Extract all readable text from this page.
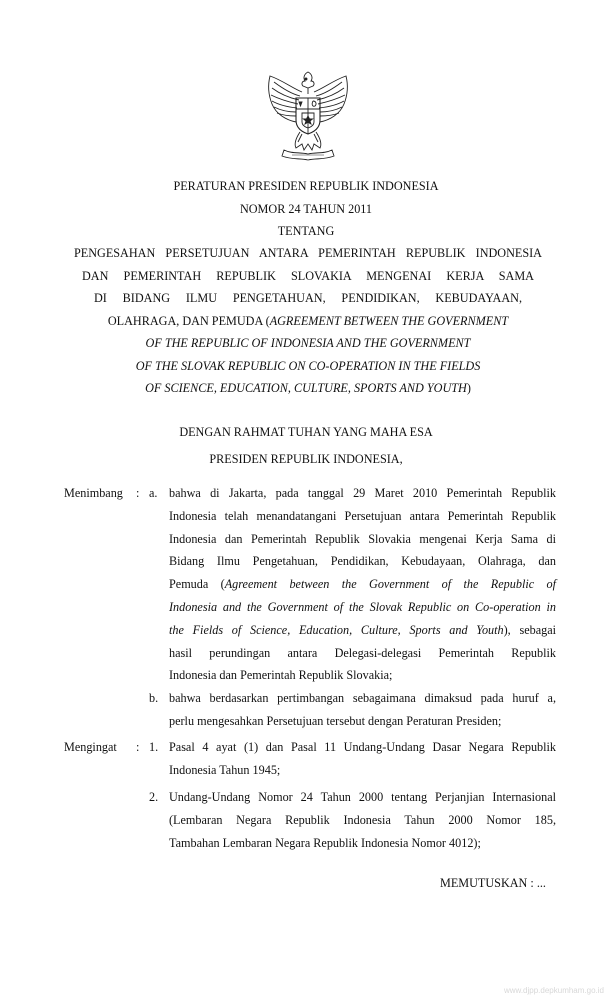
PERATURAN PRESIDEN REPUBLIK INDONESIA
NOMOR 24 TAHUN 2011
TENTANG
PENGESAHAN PERSETUJUAN ANTARA PEMERINTAH REPUBLIK INDONESIA
DAN PEMERINTAH REPUBLIK SLOVAKIA MENGENAI KERJA SAMA
DI BIDANG ILMU PENGETAHUAN, PENDIDIKAN, KEBUDAYAAN,
OLAHRAGA, DAN PEMUDA (AGREEMENT BETWEEN THE GOVERNMENT
OF THE REPUBLIC OF INDONESIA AND THE GOVERNMENT
OF THE SLOVAK REPUBLIC ON CO-OPERATION IN THE FIELDS
OF SCIENCE, EDUCATION, CULTURE, SPORTS AND YOUTH)
DENGAN RAHMAT TUHAN YANG MAHA ESA
PRESIDEN REPUBLIK INDONESIA,
Menimbang : a. bahwa di Jakarta, pada tanggal 29 Maret 2010 Pemerintah Republik
Indonesia telah menandatangani Persetujuan antara Pemerintah Republik
Indonesia dan Pemerintah Republik Slovakia mengenai Kerja Sama di
Bidang Ilmu Pengetahuan, Pendidikan, Kebudayaan, Olahraga, dan
Pemuda (Agreement between the Government of the Republic of
Indonesia and the Government of the Slovak Republic on Co-operation in
the Fields of Science, Education, Culture, Sports and Youth), sebagai
hasil perundingan antara Delegasi-delegasi Pemerintah Republik
Indonesia dan Pemerintah Republik Slovakia;
b. bahwa berdasarkan pertimbangan sebagaimana dimaksud pada huruf a,
perlu mengesahkan Persetujuan tersebut dengan Peraturan Presiden;
Mengingat : 1. Pasal 4 ayat (1) dan Pasal 11 Undang-Undang Dasar Negara Republik
Indonesia Tahun 1945;
2. Undang-Undang Nomor 24 Tahun 2000 tentang Perjanjian Internasional
(Lembaran Negara Republik Indonesia Tahun 2000 Nomor 185,
Tambahan Lembaran Negara Republik Indonesia Nomor 4012);
MEMUTUSKAN : ...
www.djpp.depkumham.go.id
